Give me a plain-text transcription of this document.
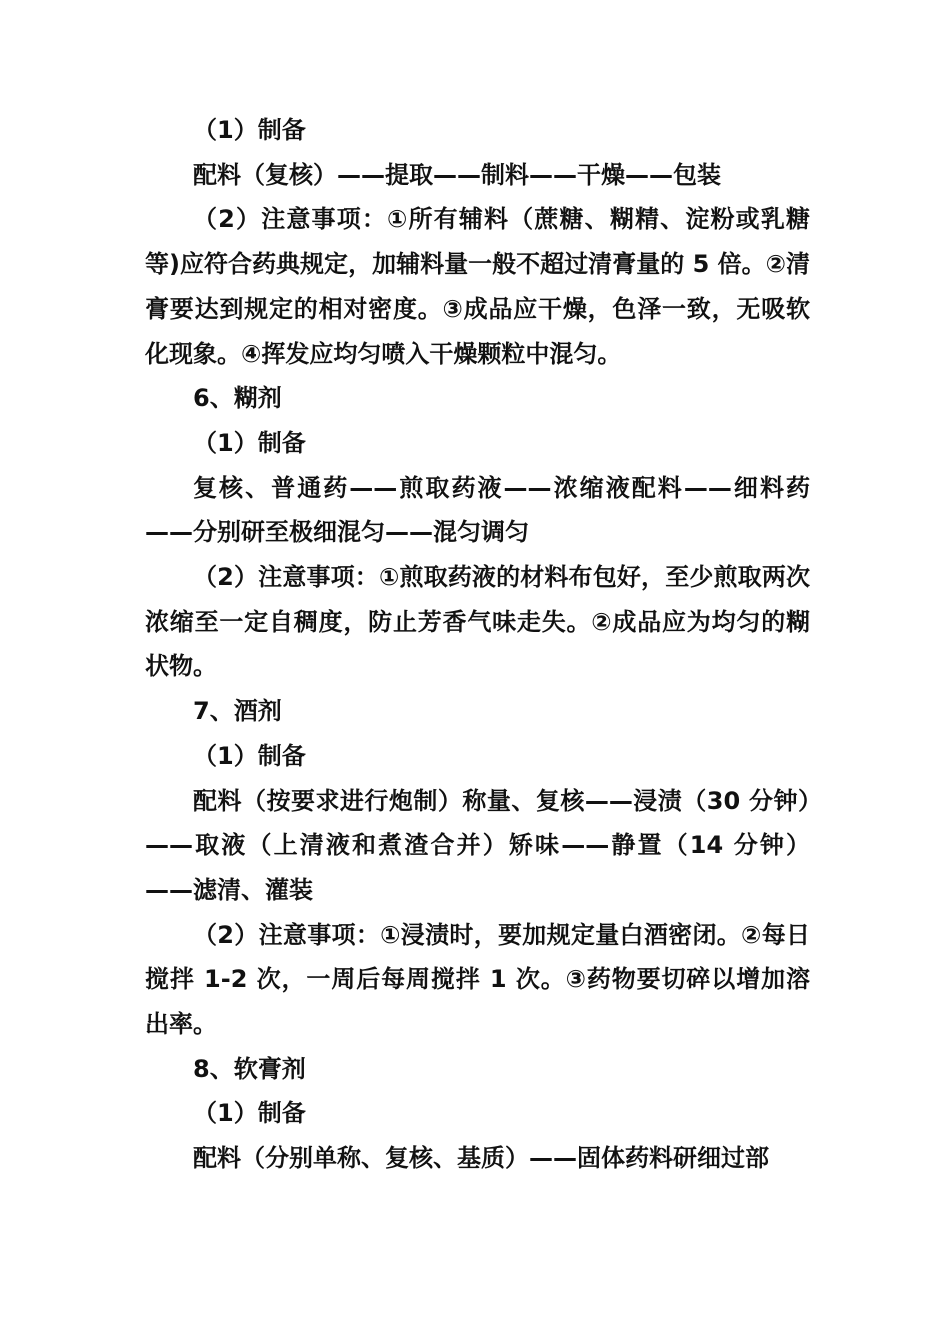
（1）制备

配料（复核）——提取——制料——干燥——包装

（2）注意事项：①所有辅料（蔗糖、糊精、淀粉或乳糖等)应符合药典规定，加辅料量一般不超过清膏量的 5 倍。②清膏要达到规定的相对密度。③成品应干燥，色泽一致，无吸软化现象。④挥发应均匀喷入干燥颗粒中混匀。

6、糊剂

（1）制备

复核、普通药——煎取药液——浓缩液配料——细料药——分别研至极细混匀——混匀调匀

（2）注意事项：①煎取药液的材料布包好，至少煎取两次浓缩至一定自稠度，防止芳香气味走失。②成品应为均匀的糊状物。

7、酒剂

（1）制备

配料（按要求进行炮制）称量、复核——浸渍（30 分钟）——取液（上清液和煮渣合并）矫味——静置（14 分钟）——滤清、灌装

（2）注意事项：①浸渍时，要加规定量白酒密闭。②每日搅拌 1-2 次，一周后每周搅拌 1 次。③药物要切碎以增加溶出率。

8、软膏剂

（1）制备

配料（分别单称、复核、基质）——固体药料研细过部
